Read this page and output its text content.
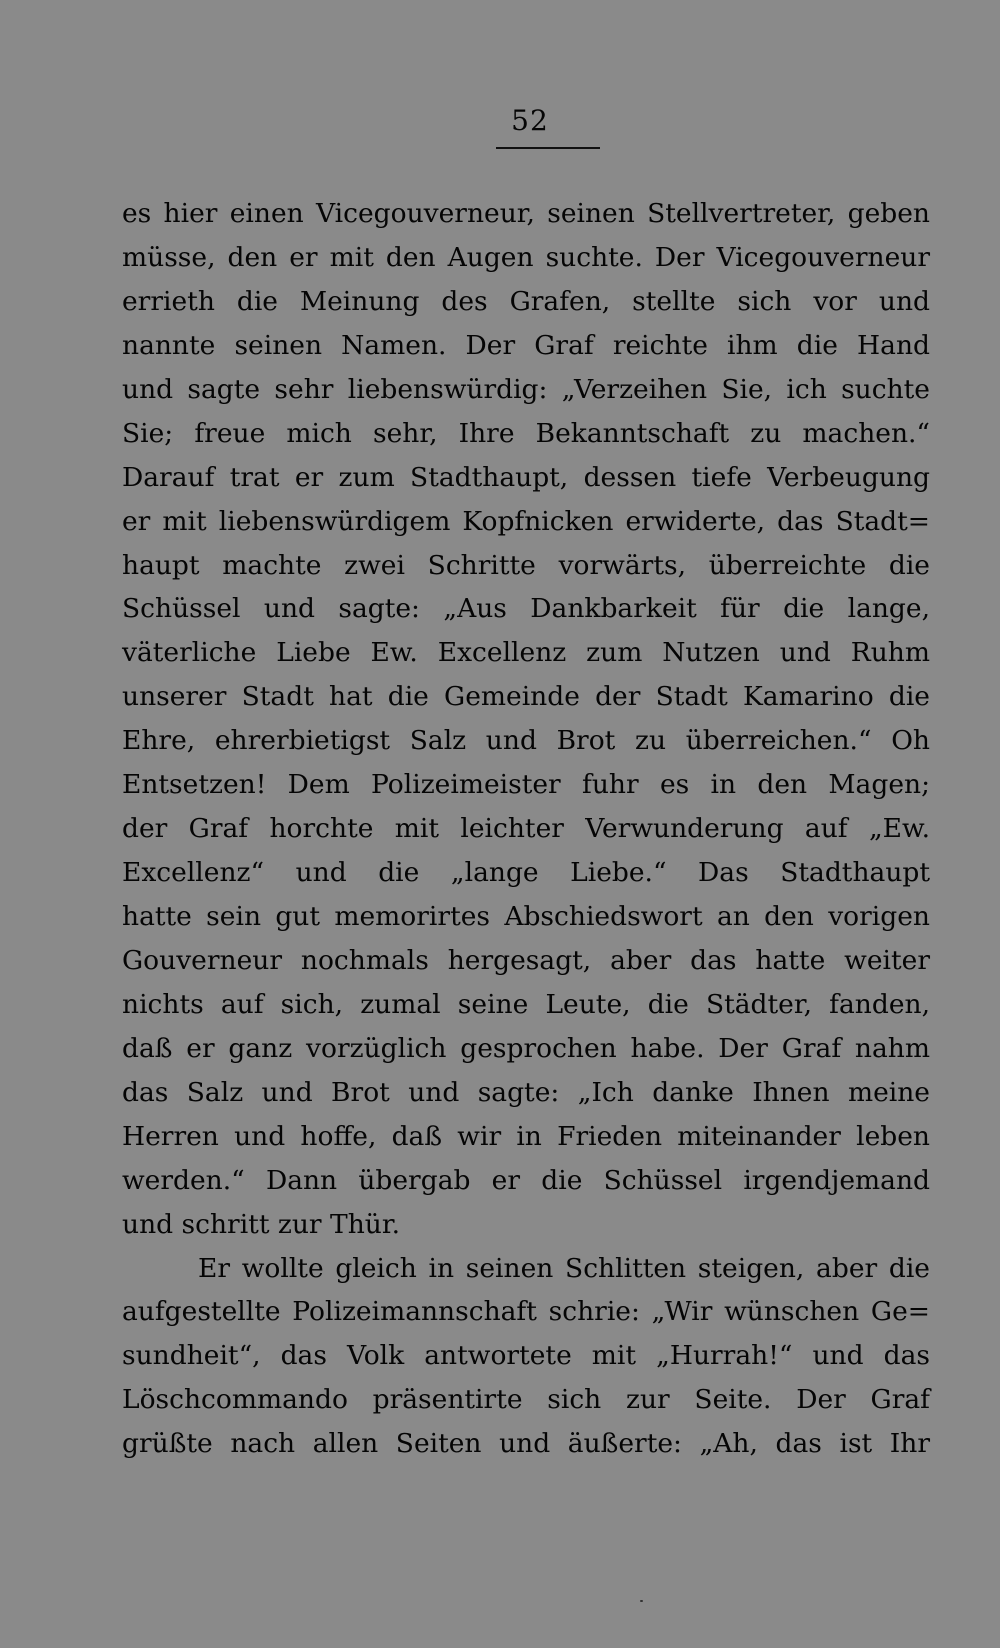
52
es hier einen Vicegouverneur, seinen Stellvertreter, geben
müsse, den er mit den Augen suchte. Der Vicegouverneur
errieth die Meinung des Grafen, stellte sich vor und
nannte seinen Namen. Der Graf reichte ihm die Hand
und sagte sehr liebenswürdig: „Verzeihen Sie, ich suchte
Sie; freue mich sehr, Ihre Bekanntschaft zu machen.“
Darauf trat er zum Stadthaupt, dessen tiefe Verbeugung
er mit liebenswürdigem Kopfnicken erwiderte, das Stadt=
haupt machte zwei Schritte vorwärts, überreichte die
Schüssel und sagte: „Aus Dankbarkeit für die lange,
väterliche Liebe Ew. Excellenz zum Nutzen und Ruhm
unserer Stadt hat die Gemeinde der Stadt Kamarino die
Ehre, ehrerbietigst Salz und Brot zu überreichen.“ Oh
Entsetzen! Dem Polizeimeister fuhr es in den Magen;
der Graf horchte mit leichter Verwunderung auf „Ew.
Excellenz“ und die „lange Liebe.“ Das Stadthaupt
hatte sein gut memorirtes Abschiedswort an den vorigen
Gouverneur nochmals hergesagt, aber das hatte weiter
nichts auf sich, zumal seine Leute, die Städter, fanden,
daß er ganz vorzüglich gesprochen habe. Der Graf nahm
das Salz und Brot und sagte: „Ich danke Ihnen meine
Herren und hoffe, daß wir in Frieden miteinander leben
werden.“ Dann übergab er die Schüssel irgendjemand
und schritt zur Thür.
Er wollte gleich in seinen Schlitten steigen, aber die
aufgestellte Polizeimannschaft schrie: „Wir wünschen Ge=
sundheit“, das Volk antwortete mit „Hurrah!“ und das
Löschcommando präsentirte sich zur Seite. Der Graf
grüßte nach allen Seiten und äußerte: „Ah, das ist Ihr
